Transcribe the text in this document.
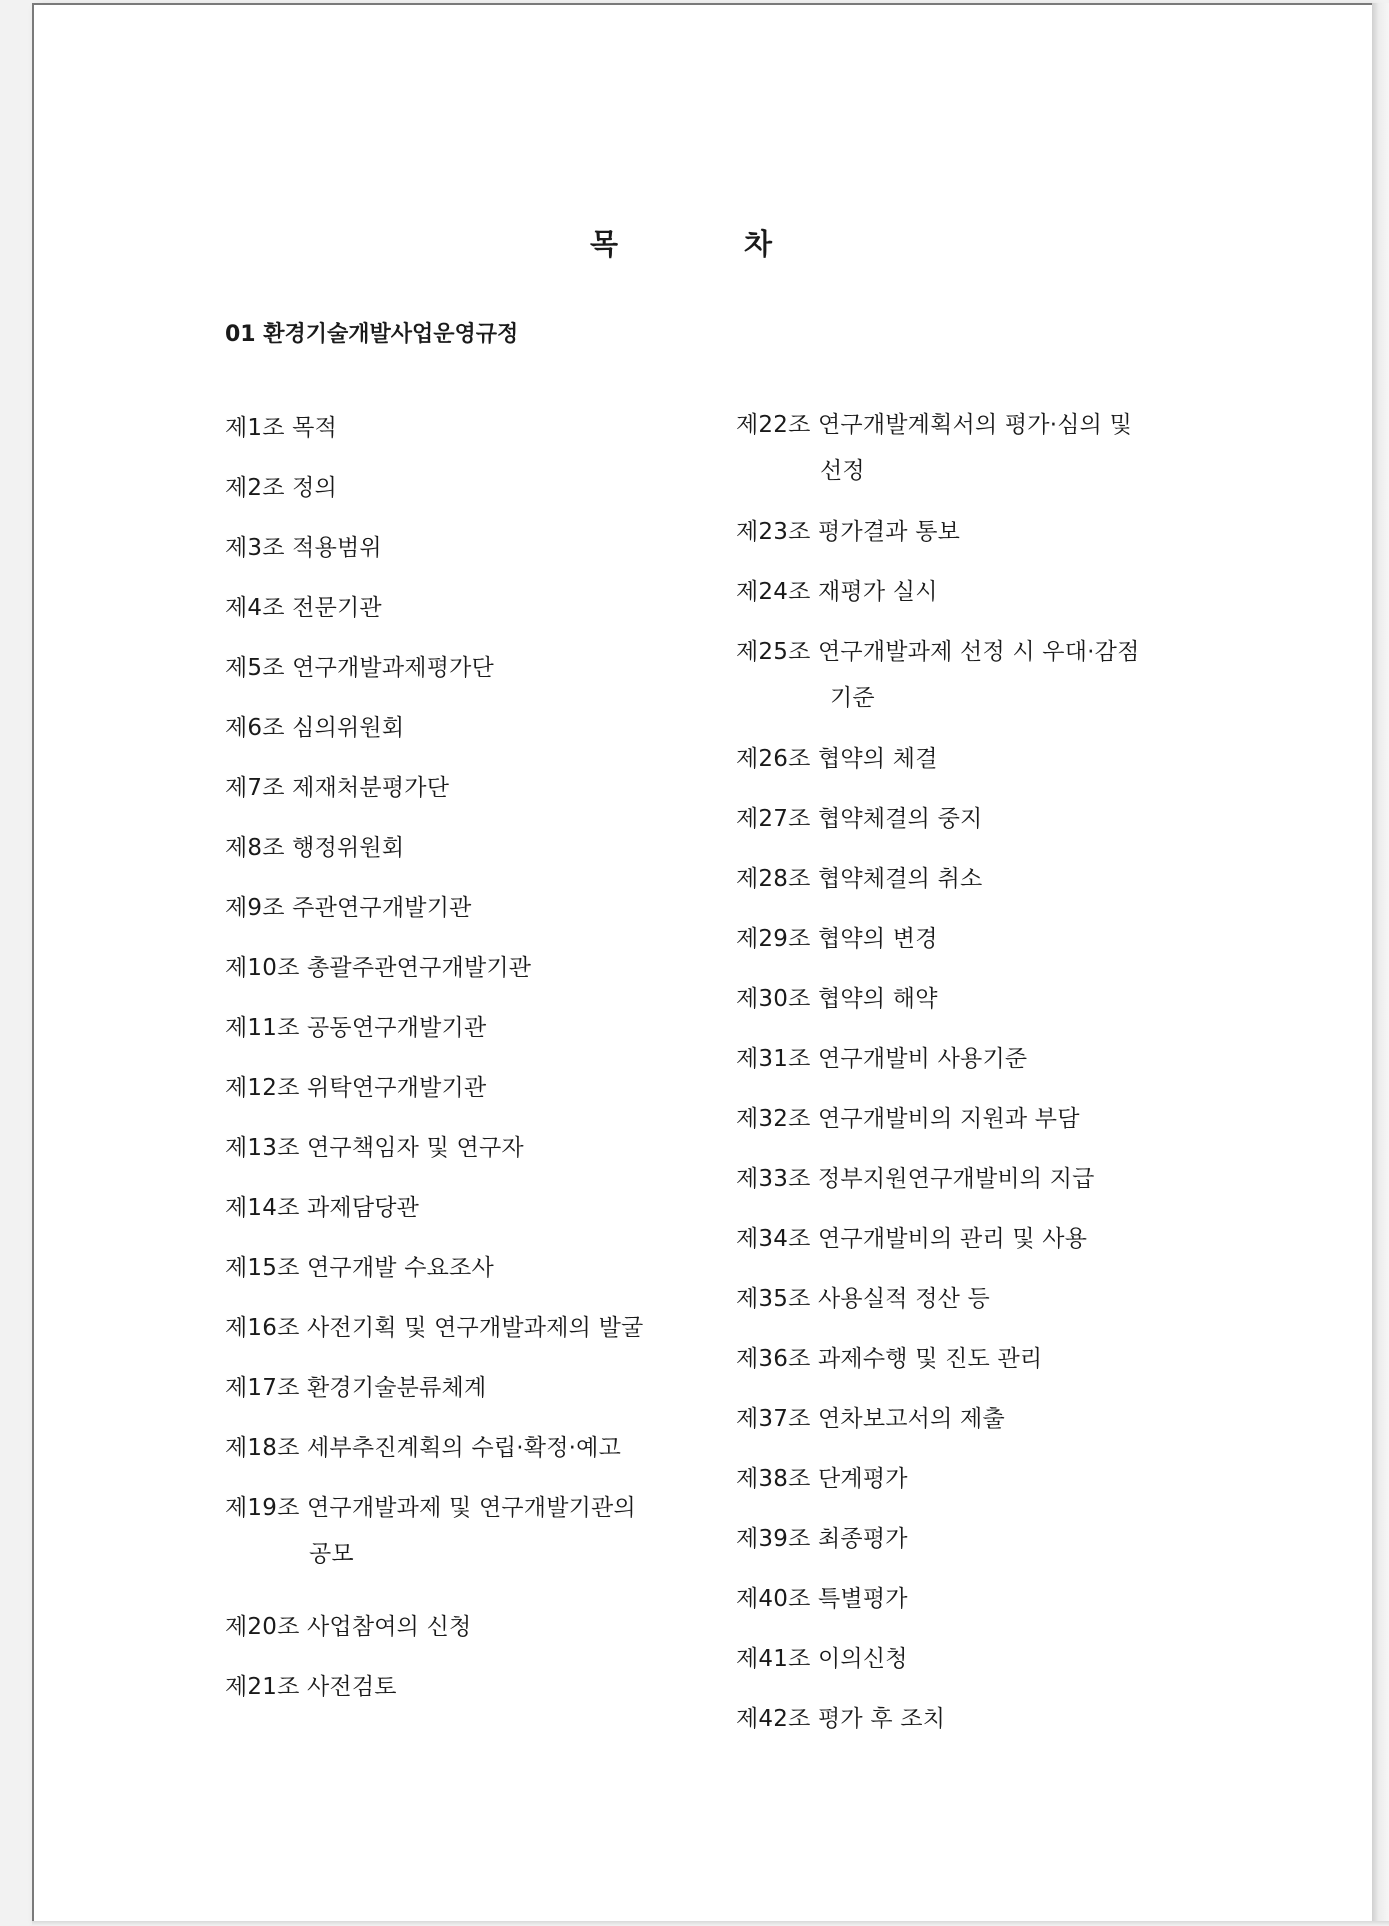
목 차
01 환경기술개발사업운영규정
제1조 목적
제2조 정의
제3조 적용범위
제4조 전문기관
제5조 연구개발과제평가단
제6조 심의위원회
제7조 제재처분평가단
제8조 행정위원회
제9조 주관연구개발기관
제10조 총괄주관연구개발기관
제11조 공동연구개발기관
제12조 위탁연구개발기관
제13조 연구책임자 및 연구자
제14조 과제담당관
제15조 연구개발 수요조사
제16조 사전기획 및 연구개발과제의 발굴
제17조 환경기술분류체계
제18조 세부추진계획의 수립·확정·예고
제19조 연구개발과제 및 연구개발기관의
공모
제20조 사업참여의 신청
제21조 사전검토
제22조 연구개발계획서의 평가·심의 및
선정
제23조 평가결과 통보
제24조 재평가 실시
제25조 연구개발과제 선정 시 우대·감점
기준
제26조 협약의 체결
제27조 협약체결의 중지
제28조 협약체결의 취소
제29조 협약의 변경
제30조 협약의 해약
제31조 연구개발비 사용기준
제32조 연구개발비의 지원과 부담
제33조 정부지원연구개발비의 지급
제34조 연구개발비의 관리 및 사용
제35조 사용실적 정산 등
제36조 과제수행 및 진도 관리
제37조 연차보고서의 제출
제38조 단계평가
제39조 최종평가
제40조 특별평가
제41조 이의신청
제42조 평가 후 조치
